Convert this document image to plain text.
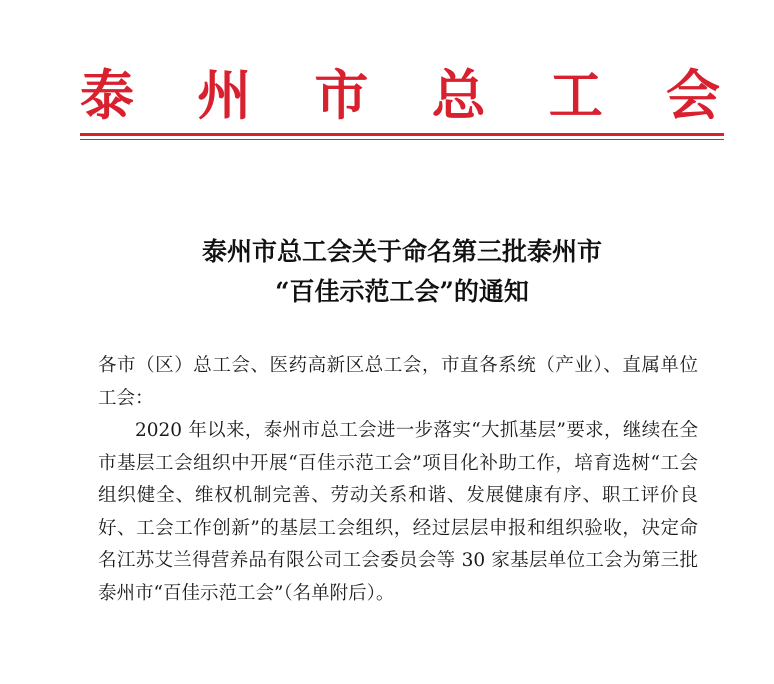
泰 州 市 总 工 会
泰州市总工会关于命名第三批泰州市
“百佳示范工会”的通知

各市（区）总工会、医药高新区总工会，市直各系统（产业）、直属单位工会：

2020 年以来，泰州市总工会进一步落实“大抓基层”要求，继续在全市基层工会组织中开展“百佳示范工会”项目化补助工作，培育选树“工会组织健全、维权机制完善、劳动关系和谐、发展健康有序、职工评价良好、工会工作创新”的基层工会组织，经过层层申报和组织验收，决定命名江苏艾兰得营养品有限公司工会委员会等 30 家基层单位工会为第三批泰州市“百佳示范工会”（名单附后）。
